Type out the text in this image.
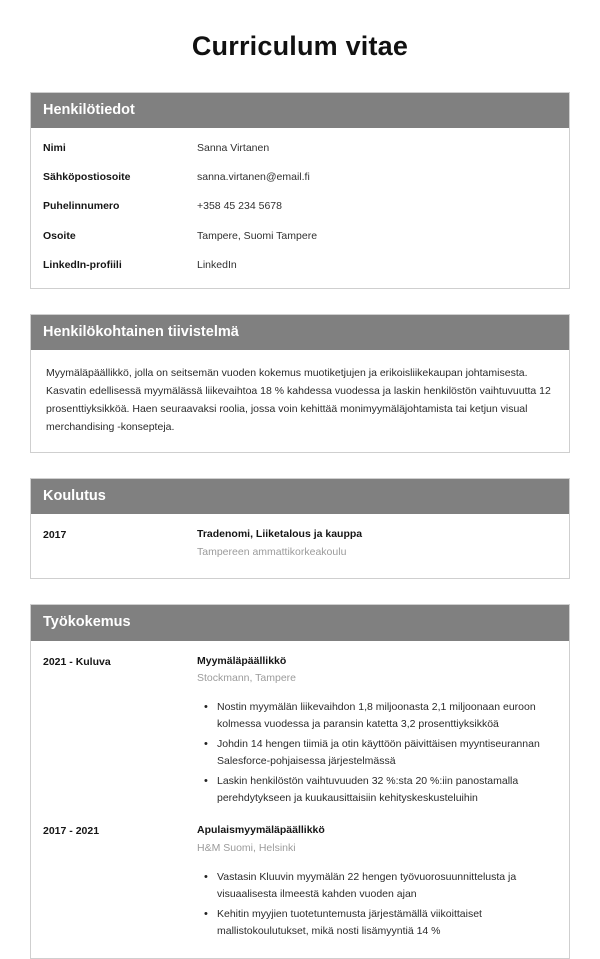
Curriculum vitae
Henkilötiedot
Nimi	Sanna Virtanen
Sähköpostiosoite	sanna.virtanen@email.fi
Puhelinnumero	+358 45 234 5678
Osoite	Tampere, Suomi Tampere
LinkedIn-profiili	LinkedIn
Henkilökohtainen tiivistelmä

Myymäläpäällikkö, jolla on seitsemän vuoden kokemus muotiketjujen ja erikoisliikekaupan johtamisesta. Kasvatin edellisessä myymälässä liikevaihtoa 18 % kahdessa vuodessa ja laskin henkilöstön vaihtuvuutta 12 prosenttiyksikköä. Haen seuraavaksi roolia, jossa voin kehittää monimyymäläjohtamista tai ketjun visual merchandising -konsepteja.

Koulutus
2017	Tradenomi, Liiketalous ja kauppa
Tampereen ammattikorkeakoulu
Työkokemus
2021 - Kuluva	Myymäläpäällikkö
Stockmann, Tampere
• Nostin myymälän liikevaihdon 1,8 miljoonasta 2,1 miljoonaan euroon kolmessa vuodessa ja paransin katetta 3,2 prosenttiyksikköä
• Johdin 14 hengen tiimiä ja otin käyttöön päivittäisen myyntiseurannan Salesforce-pohjaisessa järjestelmässä
• Laskin henkilöstön vaihtuvuuden 32 %:sta 20 %:iin panostamalla perehdytykseen ja kuukausittaisiin kehityskeskusteluihin
2017 - 2021	Apulaismyymäläpäällikkö
H&M Suomi, Helsinki
• Vastasin Kluuvin myymälän 22 hengen työvuorosuunnittelusta ja visuaalisesta ilmeestä kahden vuoden ajan
• Kehitin myyjien tuotetuntemusta järjestämällä viikoittaiset mallistokoulutukset, mikä nosti lisämyyntiä 14 %
